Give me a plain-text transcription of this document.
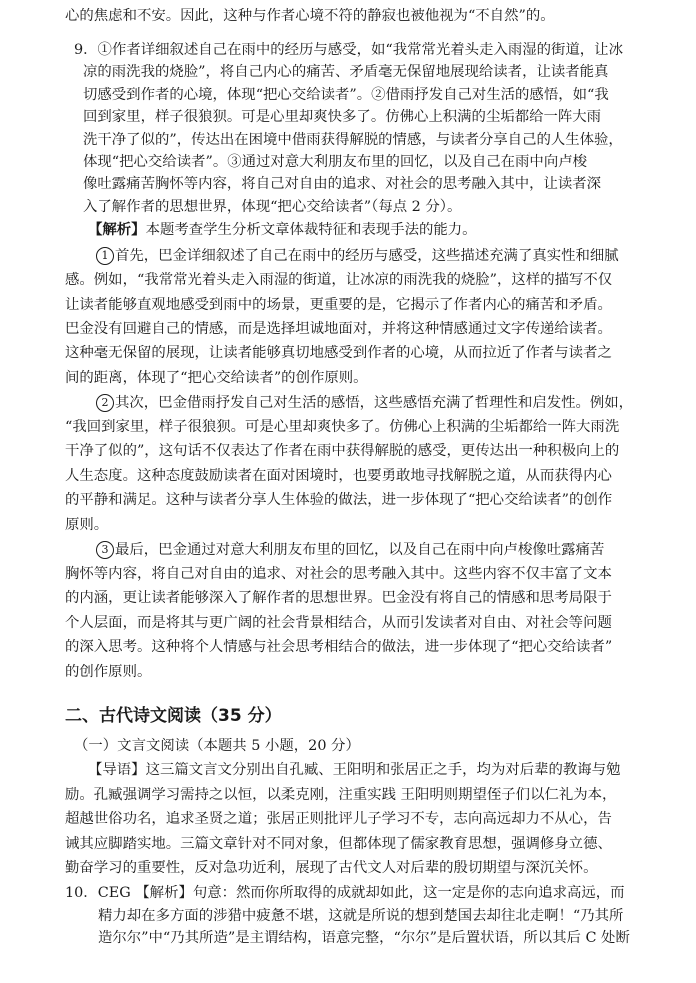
心的焦虑和不安。因此，这种与作者心境不符的静寂也被他视为“不自然”的。
9．①作者详细叙述自己在雨中的经历与感受，如“我常常光着头走入雨湿的街道，让冰
凉的雨洗我的烧脸”，将自己内心的痛苦、矛盾毫无保留地展现给读者，让读者能真
切感受到作者的心境，体现“把心交给读者”。②借雨抒发自己对生活的感悟，如“我
回到家里，样子很狼狈。可是心里却爽快多了。仿佛心上积满的尘垢都给一阵大雨
洗干净了似的”，传达出在困境中借雨获得解脱的情感，与读者分享自己的人生体验，
体现“把心交给读者”。③通过对意大利朋友布里的回忆，以及自己在雨中向卢梭
像吐露痛苦胸怀等内容，将自己对自由的追求、对社会的思考融入其中，让读者深
入了解作者的思想世界，体现“把心交给读者”（每点 2 分）。
【解析】本题考查学生分析文章体裁特征和表现手法的能力。
1 首先，巴金详细叙述了自己在雨中的经历与感受，这些描述充满了真实性和细腻
感。例如，“我常常光着头走入雨湿的街道，让冰凉的雨洗我的烧脸”，这样的描写不仅
让读者能够直观地感受到雨中的场景，更重要的是，它揭示了作者内心的痛苦和矛盾。
巴金没有回避自己的情感，而是选择坦诚地面对，并将这种情感通过文字传递给读者。
这种毫无保留的展现，让读者能够真切地感受到作者的心境，从而拉近了作者与读者之
间的距离，体现了“把心交给读者”的创作原则。
2 其次，巴金借雨抒发自己对生活的感悟，这些感悟充满了哲理性和启发性。例如，
“我回到家里，样子很狼狈。可是心里却爽快多了。仿佛心上积满的尘垢都给一阵大雨洗
干净了似的”，这句话不仅表达了作者在雨中获得解脱的感受，更传达出一种积极向上的
人生态度。这种态度鼓励读者在面对困境时，也要勇敢地寻找解脱之道，从而获得内心
的平静和满足。这种与读者分享人生体验的做法，进一步体现了“把心交给读者”的创作
原则。
3 最后，巴金通过对意大利朋友布里的回忆，以及自己在雨中向卢梭像吐露痛苦
胸怀等内容，将自己对自由的追求、对社会的思考融入其中。这些内容不仅丰富了文本
的内涵，更让读者能够深入了解作者的思想世界。巴金没有将自己的情感和思考局限于
个人层面，而是将其与更广阔的社会背景相结合，从而引发读者对自由、对社会等问题
的深入思考。这种将个人情感与社会思考相结合的做法，进一步体现了“把心交给读者”
的创作原则。
二、古代诗文阅读（35 分）
（一）文言文阅读（本题共 5 小题，20 分）
【导语】这三篇文言文分别出自孔臧、王阳明和张居正之手，均为对后辈的教诲与勉
励。孔臧强调学习需持之以恒，以柔克刚，注重实践 王阳明则期望侄子们以仁礼为本，
超越世俗功名，追求圣贤之道；张居正则批评儿子学习不专，志向高远却力不从心，告
诫其应脚踏实地。三篇文章针对不同对象，但都体现了儒家教育思想，强调修身立德、
勤奋学习的重要性，反对急功近利，展现了古代文人对后辈的殷切期望与深沉关怀。
10．CEG 【解析】句意：然而你所取得的成就却如此，这一定是你的志向追求高远，而
精力却在多方面的涉猎中疲惫不堪，这就是所说的想到楚国去却往北走啊！“乃其所
造尔尔”中“乃其所造”是主谓结构，语意完整，“尔尔”是后置状语，所以其后 C 处断
